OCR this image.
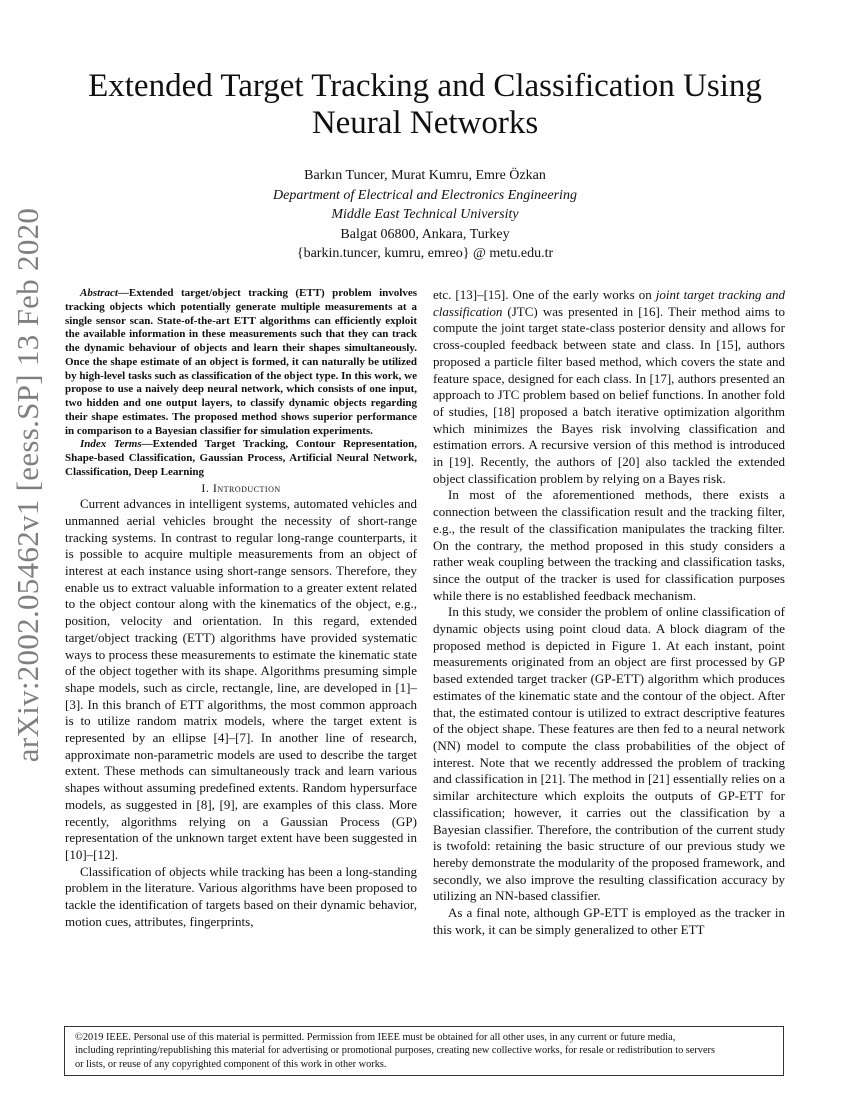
Extended Target Tracking and Classification Using Neural Networks
Barkın Tuncer, Murat Kumru, Emre Özkan
Department of Electrical and Electronics Engineering
Middle East Technical University
Balgat 06800, Ankara, Turkey
{barkin.tuncer, kumru, emreo} @ metu.edu.tr
arXiv:2002.05462v1 [eess.SP] 13 Feb 2020	Abstract—Extended target/object tracking (ETT) problem involves tracking objects which potentially generate multiple measurements at a single sensor scan. State-of-the-art ETT algorithms can efficiently exploit the available information in these measurements such that they can track the dynamic behaviour of objects and learn their shapes simultaneously. Once the shape estimate of an object is formed, it can naturally be utilized by high-level tasks such as classification of the object type. In this work, we propose to use a naively deep neural network, which consists of one input, two hidden and one output layers, to classify dynamic objects regarding their shape estimates. The proposed method shows superior performance in comparison to a Bayesian classifier for simulation experiments.

Index Terms—Extended Target Tracking, Contour Representation, Shape-based Classification, Gaussian Process, Artificial Neural Network, Classification, Deep Learning

I. Introduction

Current advances in intelligent systems, automated vehicles and unmanned aerial vehicles brought the necessity of short-range tracking systems. In contrast to regular long-range counterparts, it is possible to acquire multiple measurements from an object of interest at each instance using short-range sensors. Therefore, they enable us to extract valuable information to a greater extent related to the object contour along with the kinematics of the object, e.g., position, velocity and orientation. In this regard, extended target/object tracking (ETT) algorithms have provided systematic ways to process these measurements to estimate the kinematic state of the object together with its shape. Algorithms presuming simple shape models, such as circle, rectangle, line, are developed in [1]–[3]. In this branch of ETT algorithms, the most common approach is to utilize random matrix models, where the target extent is represented by an ellipse [4]–[7]. In another line of research, approximate non-parametric models are used to describe the target extent. These methods can simultaneously track and learn various shapes without assuming predefined extents. Random hypersurface models, as suggested in [8], [9], are examples of this class. More recently, algorithms relying on a Gaussian Process (GP) representation of the unknown target extent have been suggested in [10]–[12].

Classification of objects while tracking has been a long-standing problem in the literature. Various algorithms have been proposed to tackle the identification of targets based on their dynamic behavior, motion cues, attributes, fingerprints,

etc. [13]–[15]. One of the early works on joint target tracking and classification (JTC) was presented in [16]. Their method aims to compute the joint target state-class posterior density and allows for cross-coupled feedback between state and class. In [15], authors proposed a particle filter based method, which covers the state and feature space, designed for each class. In [17], authors presented an approach to JTC problem based on belief functions. In another fold of studies, [18] proposed a batch iterative optimization algorithm which minimizes the Bayes risk involving classification and estimation errors. A recursive version of this method is introduced in [19]. Recently, the authors of [20] also tackled the extended object classification problem by relying on a Bayes risk.

In most of the aforementioned methods, there exists a connection between the classification result and the tracking filter, e.g., the result of the classification manipulates the tracking filter. On the contrary, the method proposed in this study considers a rather weak coupling between the tracking and classification tasks, since the output of the tracker is used for classification purposes while there is no established feedback mechanism.

In this study, we consider the problem of online classification of dynamic objects using point cloud data. A block diagram of the proposed method is depicted in Figure 1. At each instant, point measurements originated from an object are first processed by GP based extended target tracker (GP-ETT) algorithm which produces estimates of the kinematic state and the contour of the object. After that, the estimated contour is utilized to extract descriptive features of the object shape. These features are then fed to a neural network (NN) model to compute the class probabilities of the object of interest. Note that we recently addressed the problem of tracking and classification in [21]. The method in [21] essentially relies on a similar architecture which exploits the outputs of GP-ETT for classification; however, it carries out the classification by a Bayesian classifier. Therefore, the contribution of the current study is twofold: retaining the basic structure of our previous study we hereby demonstrate the modularity of the proposed framework, and secondly, we also improve the resulting classification accuracy by utilizing an NN-based classifier.

As a final note, although GP-ETT is employed as the tracker in this work, it can be simply generalized to other ETT

©2019 IEEE. Personal use of this material is permitted. Permission from IEEE must be obtained for all other uses, in any current or future media,
including reprinting/republishing this material for advertising or promotional purposes, creating new collective works, for resale or redistribution to servers
or lists, or reuse of any copyrighted component of this work in other works.
